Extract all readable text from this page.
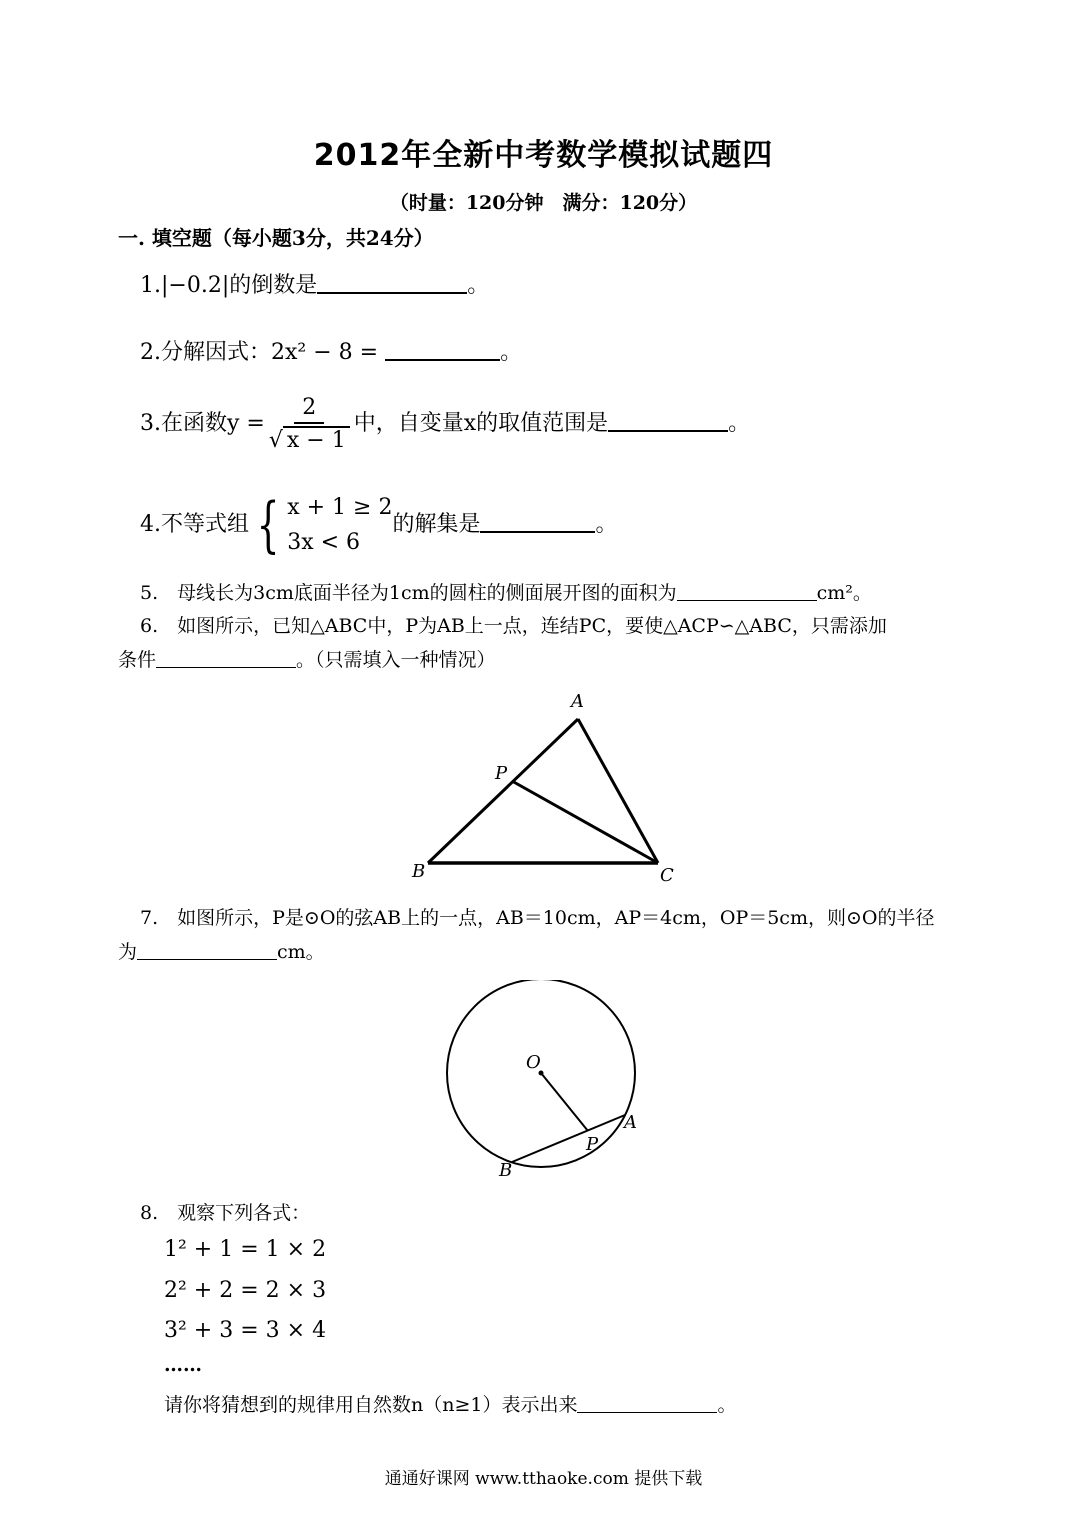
2012年全新中考数学模拟试题四
（时量：120分钟　满分：120分）
一. 填空题（每小题3分，共24分）
1.|−0.2|的倒数是	。
2.分解因式：2x² − 8 =	。
3.在函数$y = \frac{2}{√ x - 1}$ 中，自变量x的取值范围是	。
4.不等式组 { x + 1 ≥ 2
3x < 6
的解集是	。
5.　母线长为3cm底面半径为1cm的圆柱的侧面展开图的面积为	cm²。
6.　如图所示，已知△ABC中，P为AB上一点，连结PC，要使△ACP∽△ABC，只需添加
条件	。（只需填入一种情况）
A
P
B	C
7.　如图所示，P是⊙O的弦AB上的一点，AB＝10cm，AP＝4cm，OP＝5cm，则⊙O的半径
为	cm。
O
A
P
B
8.　观察下列各式：
1² + 1 = 1 × 2
2² + 2 = 2 × 3
3² + 3 = 3 × 4
……
请你将猜想到的规律用自然数n（n≥1）表示出来	。
通通好课网 www.tthaoke.com 提供下载
